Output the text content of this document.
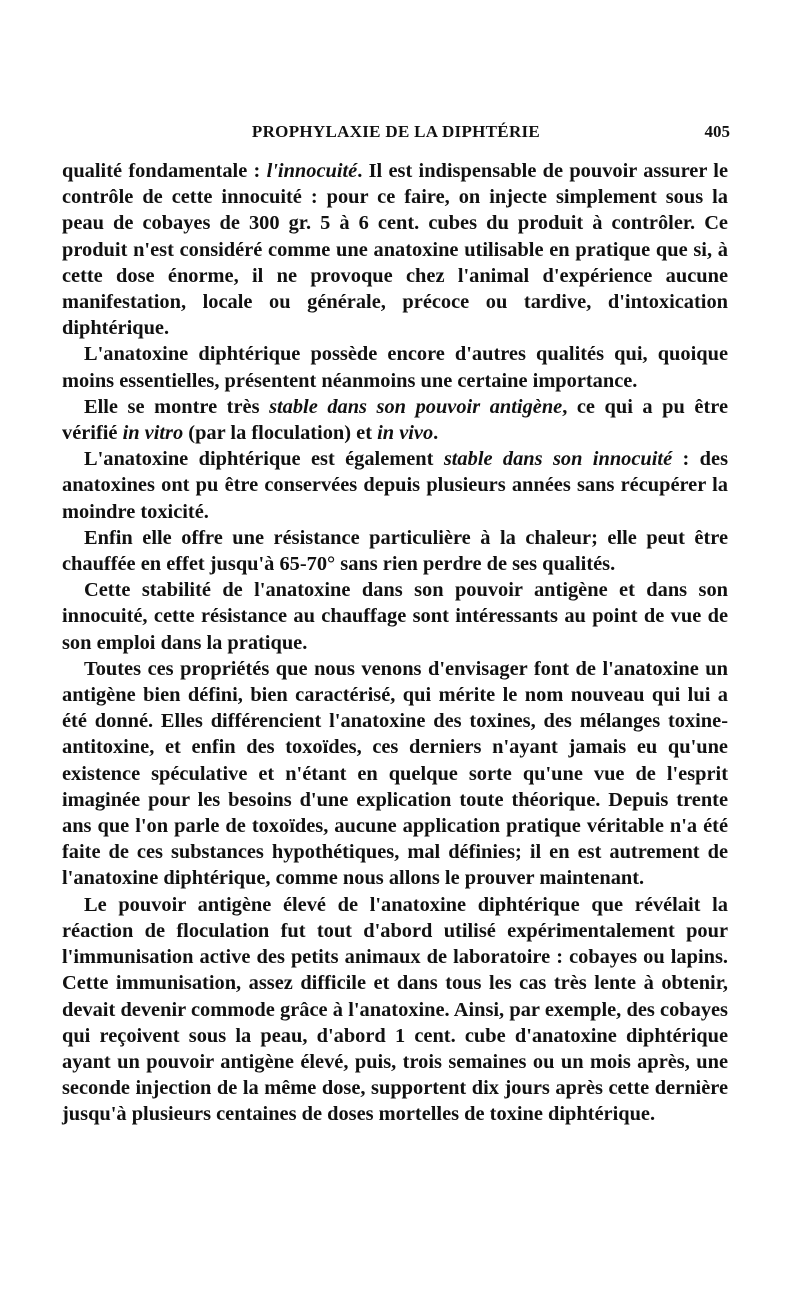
PROPHYLAXIE DE LA DIPHTÉRIE	405

qualité fondamentale : l'innocuité. Il est indispensable de pouvoir assurer le contrôle de cette innocuité : pour ce faire, on injecte simplement sous la peau de cobayes de 300 gr. 5 à 6 cent. cubes du produit à contrôler. Ce produit n'est considéré comme une anatoxine utilisable en pratique que si, à cette dose énorme, il ne provoque chez l'animal d'expérience aucune manifestation, locale ou générale, précoce ou tardive, d'intoxication diphtérique.

L'anatoxine diphtérique possède encore d'autres qualités qui, quoique moins essentielles, présentent néanmoins une certaine importance.

Elle se montre très stable dans son pouvoir antigène, ce qui a pu être vérifié in vitro (par la floculation) et in vivo.

L'anatoxine diphtérique est également stable dans son innocuité : des anatoxines ont pu être conservées depuis plusieurs années sans récupérer la moindre toxicité.

Enfin elle offre une résistance particulière à la chaleur; elle peut être chauffée en effet jusqu'à 65-70° sans rien perdre de ses qualités.

Cette stabilité de l'anatoxine dans son pouvoir antigène et dans son innocuité, cette résistance au chauffage sont intéressants au point de vue de son emploi dans la pratique.

Toutes ces propriétés que nous venons d'envisager font de l'anatoxine un antigène bien défini, bien caractérisé, qui mérite le nom nouveau qui lui a été donné. Elles différencient l'anatoxine des toxines, des mélanges toxine-antitoxine, et enfin des toxoïdes, ces derniers n'ayant jamais eu qu'une existence spéculative et n'étant en quelque sorte qu'une vue de l'esprit imaginée pour les besoins d'une explication toute théorique. Depuis trente ans que l'on parle de toxoïdes, aucune application pratique véritable n'a été faite de ces substances hypothétiques, mal définies; il en est autrement de l'anatoxine diphtérique, comme nous allons le prouver maintenant.

Le pouvoir antigène élevé de l'anatoxine diphtérique que révélait la réaction de floculation fut tout d'abord utilisé expérimentalement pour l'immunisation active des petits animaux de laboratoire : cobayes ou lapins. Cette immunisation, assez difficile et dans tous les cas très lente à obtenir, devait devenir commode grâce à l'anatoxine. Ainsi, par exemple, des cobayes qui reçoivent sous la peau, d'abord 1 cent. cube d'anatoxine diphtérique ayant un pouvoir antigène élevé, puis, trois semaines ou un mois après, une seconde injection de la même dose, supportent dix jours après cette dernière jusqu'à plusieurs centaines de doses mortelles de toxine diphtérique.
